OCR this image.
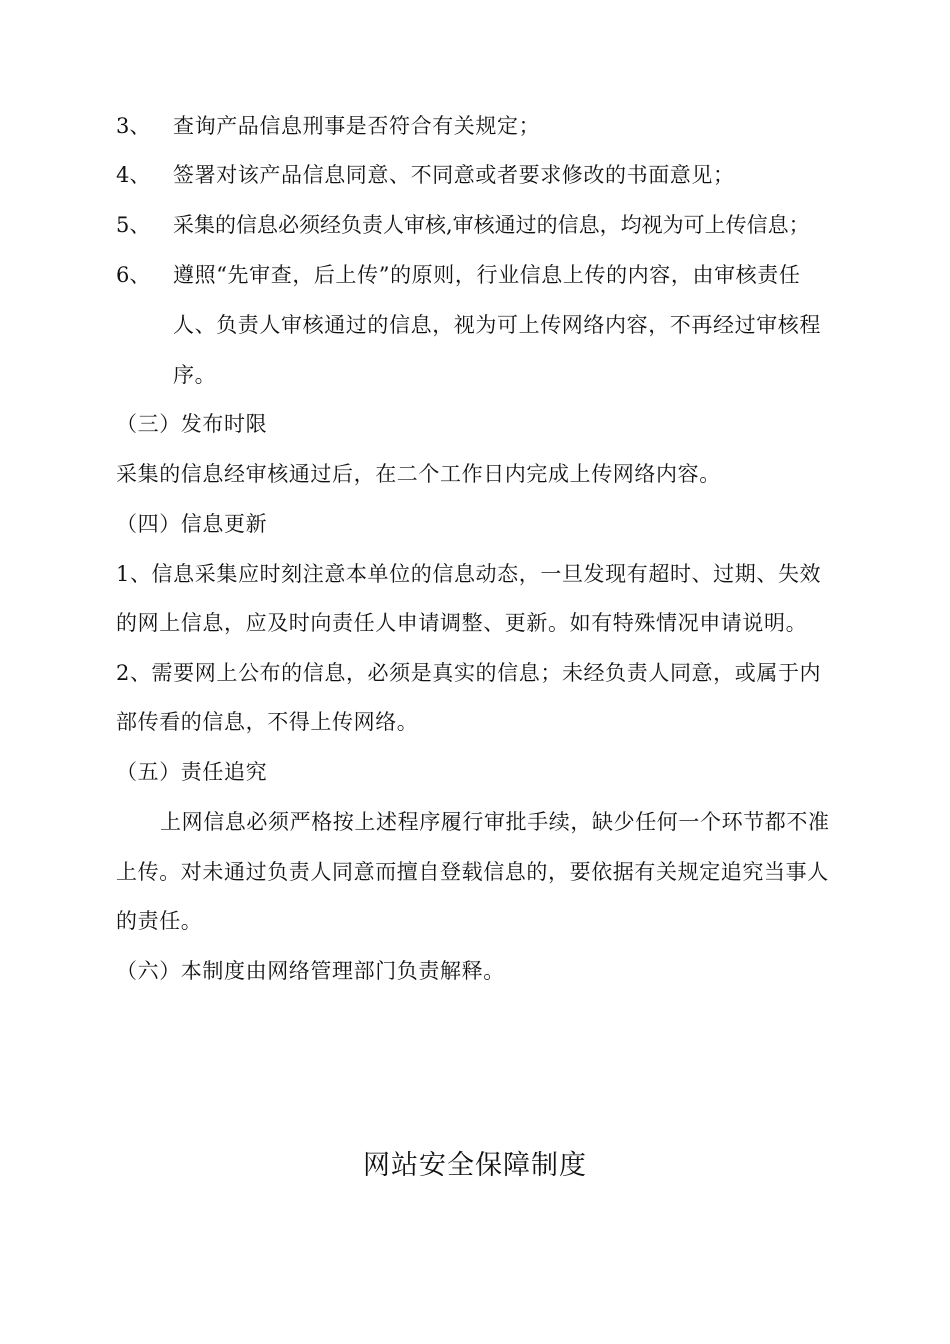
3、 查询产品信息刑事是否符合有关规定；
4、 签署对该产品信息同意、不同意或者要求修改的书面意见；
5、 采集的信息必须经负责人审核,审核通过的信息，均视为可上传信息；
6、 遵照“先审查，后上传”的原则，行业信息上传的内容，由审核责任
人、负责人审核通过的信息，视为可上传网络内容，不再经过审核程
序。
（三）发布时限
采集的信息经审核通过后，在二个工作日内完成上传网络内容。
（四）信息更新
1、信息采集应时刻注意本单位的信息动态，一旦发现有超时、过期、失效
的网上信息，应及时向责任人申请调整、更新。如有特殊情况申请说明。
2、需要网上公布的信息，必须是真实的信息；未经负责人同意，或属于内
部传看的信息，不得上传网络。
（五）责任追究
上网信息必须严格按上述程序履行审批手续，缺少任何一个环节都不准
上传。对未通过负责人同意而擅自登载信息的，要依据有关规定追究当事人
的责任。
（六）本制度由网络管理部门负责解释。
网站安全保障制度
